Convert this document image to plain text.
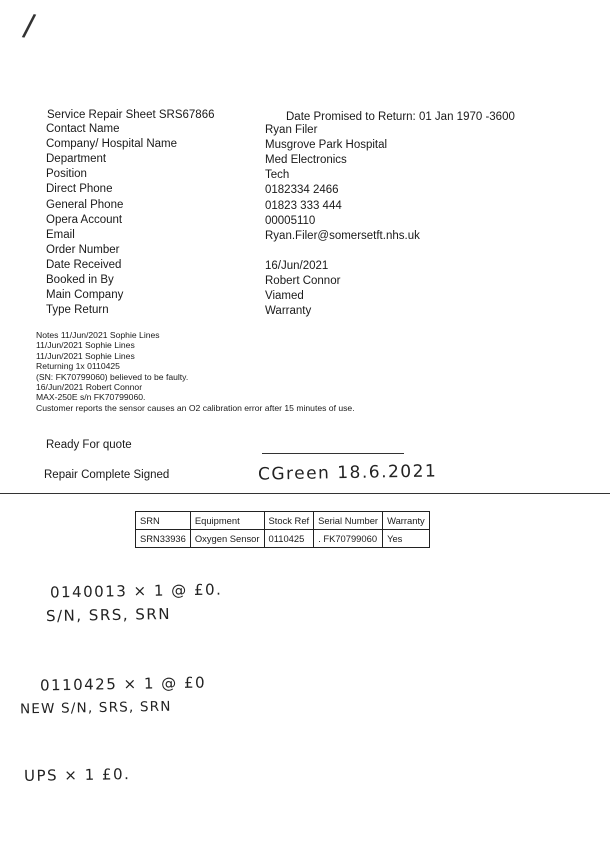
/
Service Repair Sheet SRS67866	Date Promised to Return: 01 Jan 1970 -3600
Contact Name	Ryan Filer
Company/ Hospital Name	Musgrove Park Hospital
Department	Med Electronics
Position	Tech
Direct Phone	0182334 2466
General Phone	01823 333 444
Opera Account	00005110
Email	Ryan.Filer@somersetft.nhs.uk
Order Number
Date Received	16/Jun/2021
Booked in By	Robert Connor
Main Company	Viamed
Type Return	Warranty
Notes 11/Jun/2021 Sophie Lines
11/Jun/2021 Sophie Lines
11/Jun/2021 Sophie Lines
Returning 1x 0110425
(SN: FK70799060) believed to be faulty.
16/Jun/2021 Robert Connor
MAX-250E s/n FK70799060.
Customer reports the sensor causes an O2 calibration error after 15 minutes of use.
Ready For quote
Repair Complete Signed	CGreen 18.6.2021
SRN	Equipment	Stock Ref	Serial Number	Warranty
SRN33936	Oxygen Sensor	0110425	. FK70799060	Yes
0140013 × 1 @ £0.
S/N, SRS, SRN
0110425 × 1 @ £0
NEW S/N, SRS, SRN
UPS × 1 £0.
